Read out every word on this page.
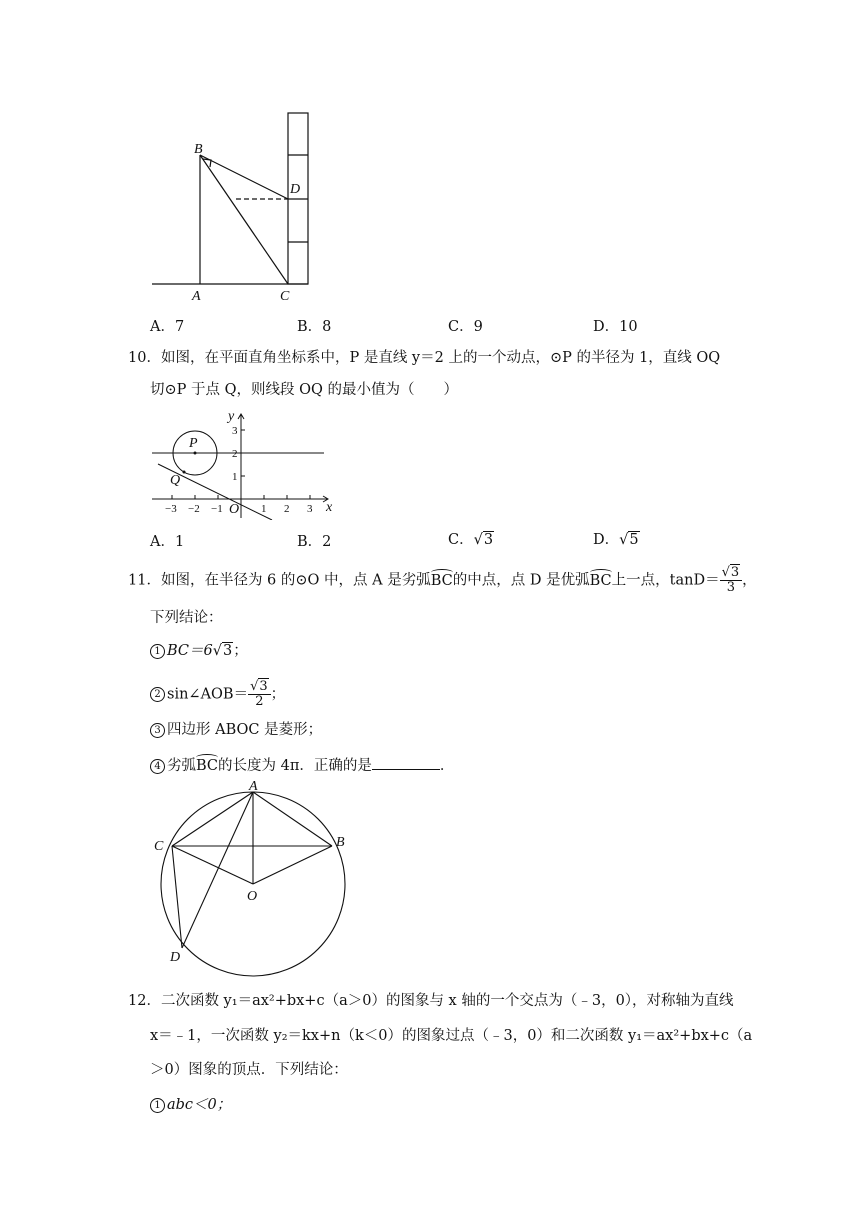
B
D
A	C
A．7	B．8	C．9	D．10
10．如图，在平面直角坐标系中，P 是直线 y＝2 上的一个动点，⊙P 的半径为 1，直线 OQ
切⊙P 于点 Q，则线段 OQ 的最小值为（　　）
y
x
P
Q
O
−3 −2 −1	1 2 3
3
2
1
A．1	B．2	C．√3	D．√5
11．如图，在半径为 6 的⊙O 中，点 A 是劣弧BC的中点，点 D 是优弧BC上一点，$\tan D= \frac{√3}{3}$ ，
下列结论：
1 BC＝6√3；
2 sin∠AOB＝ $\frac{√3}{2}$ ；
3 四边形 ABOC 是菱形；
4 劣弧BC的长度为 4π．正确的是	．
A
B
C
O
D
12．二次函数 y₁＝ax²+bx+c（a＞0）的图象与 x 轴的一个交点为（﹣3，0），对称轴为直线
x＝﹣1，一次函数 y₂＝kx+n（k＜0）的图象过点（﹣3，0）和二次函数 y₁＝ax²+bx+c（a
＞0）图象的顶点．下列结论：
1 abc＜0；
